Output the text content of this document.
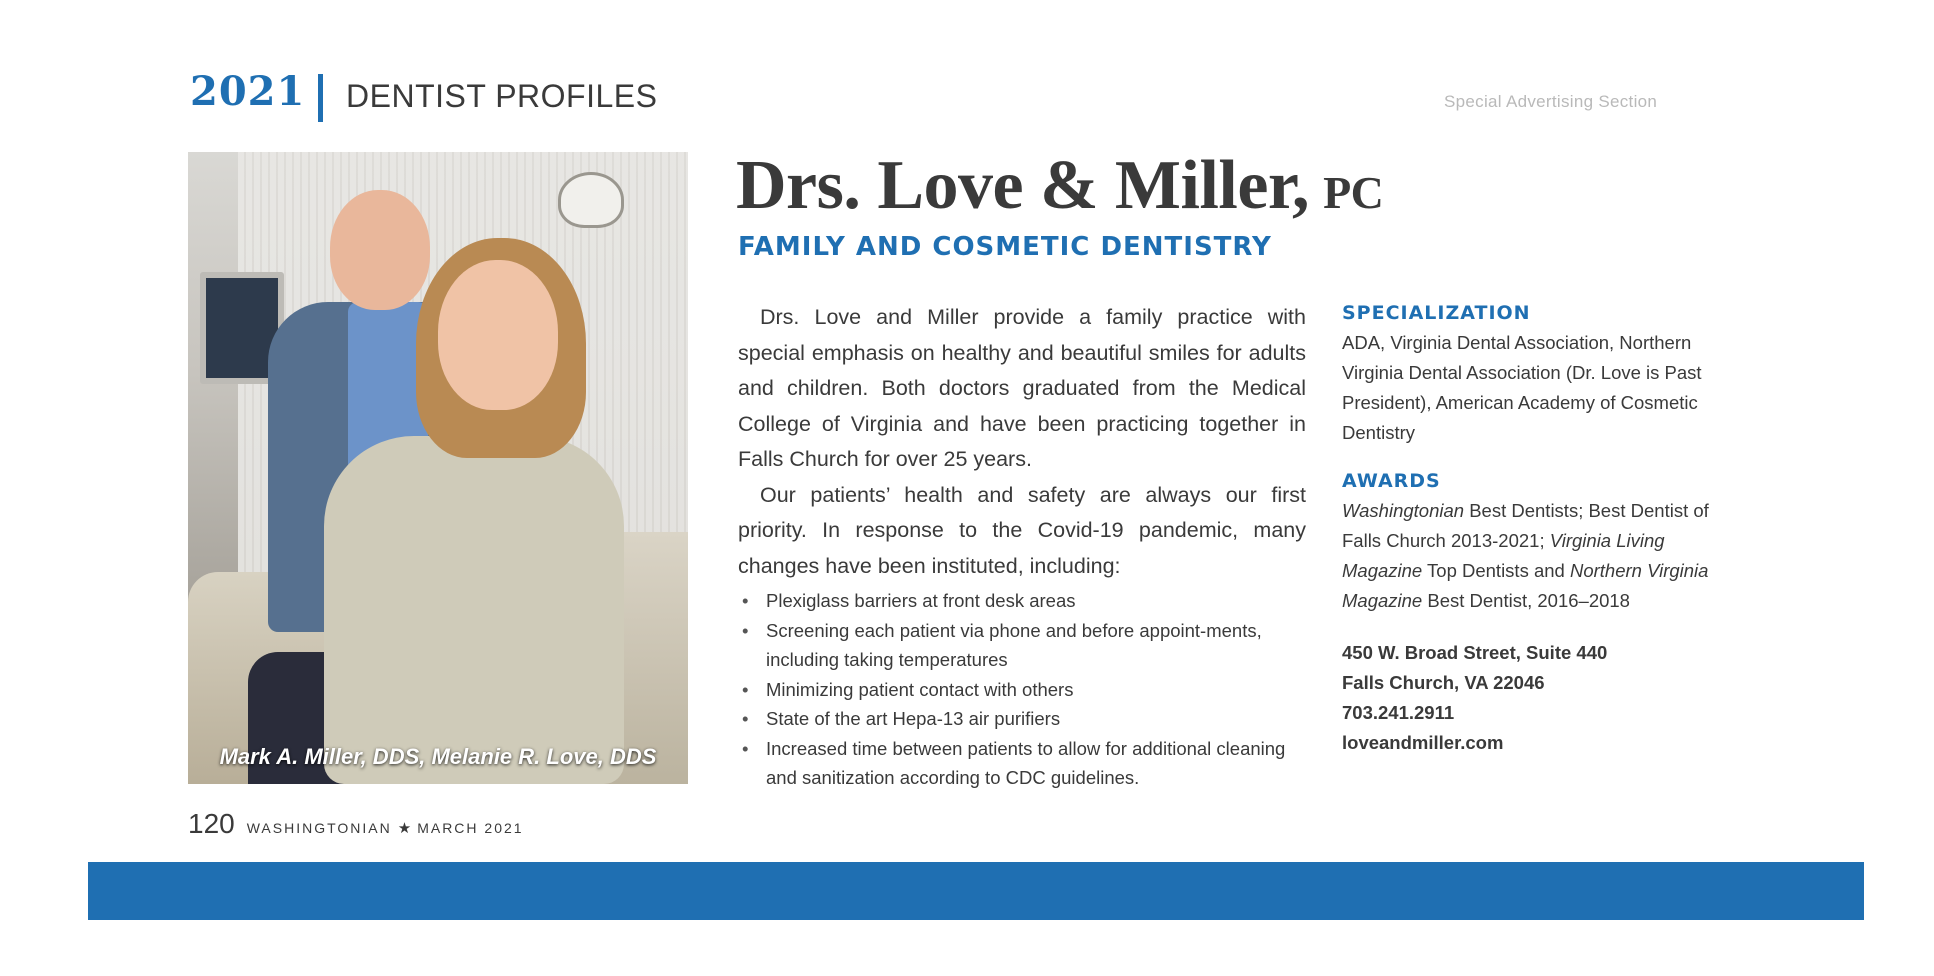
2021 DENTIST PROFILES	Special Advertising Section
Mark A. Miller, DDS, Melanie R. Love, DDS
Drs. Love & Miller, PC
FAMILY AND COSMETIC DENTISTRY

Drs. Love and Miller provide a family practice with special emphasis on healthy and beautiful smiles for adults and children. Both doctors graduated from the Medical College of Virginia and have been practicing together in Falls Church for over 25 years.

Our patients’ health and safety are always our first priority. In response to the Covid-19 pandemic, many changes have been instituted, including:

• Plexiglass barriers at front desk areas
• Screening each patient via phone and before appoint-ments, including taking temperatures
• Minimizing patient contact with others
• State of the art Hepa-13 air purifiers
• Increased time between patients to allow for additional cleaning and sanitization according to CDC guidelines.
SPECIALIZATION
ADA, Virginia Dental Association, Northern Virginia Dental Association (Dr. Love is Past President), American Academy of Cosmetic Dentistry
AWARDS
Washingtonian Best Dentists; Best Dentist of Falls Church 2013-2021; Virginia Living Magazine Top Dentists and Northern Virginia Magazine Best Dentist, 2016–2018
450 W. Broad Street, Suite 440
Falls Church, VA 22046
703.241.2911
loveandmiller.com
120 WASHINGTONIAN ★ MARCH 2021
